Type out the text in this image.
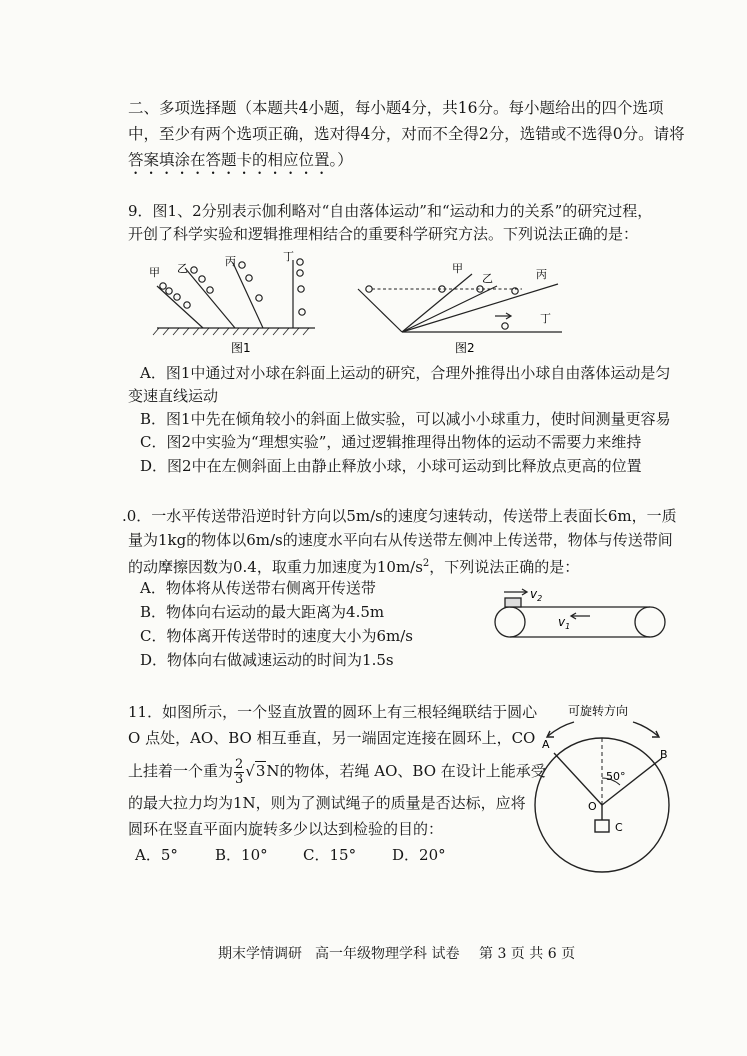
二、多项选择题（本题共4小题，每小题4分，共16分。每小题给出的四个选项
中，至少有两个选项正确，选对得4分，对而不全得2分，选错或不选得0分。请将
答案填涂在答题卡的相应位置。）
9．图1、2分别表示伽利略对“自由落体运动”和“运动和力的关系”的研究过程，
开创了科学实验和逻辑推理相结合的重要科学研究方法。下列说法正确的是：
甲 乙
丙	丁
图1
甲
乙	丙
丁
图2
A．图1中通过对小球在斜面上运动的研究，合理外推得出小球自由落体运动是匀
变速直线运动
B．图1中先在倾角较小的斜面上做实验，可以减小小球重力，使时间测量更容易
C．图2中实验为“理想实验”，通过逻辑推理得出物体的运动不需要力来维持
D．图2中在左侧斜面上由静止释放小球，小球可运动到比释放点更高的位置
.0．一水平传送带沿逆时针方向以5m/s的速度匀速转动，传送带上表面长6m，一质
量为1kg的物体以6m/s的速度水平向右从传送带左侧冲上传送带，物体与传送带间
的动摩擦因数为0.4，取重力加速度为$10m/s^2$，下列说法正确的是：
A．物体将从传送带右侧离开传送带
B．物体向右运动的最大距离为4.5m
C．物体离开传送带时的速度大小为6m/s
D．物体向右做减速运动的时间为1.5s
$v_2$
$v_1$
11．如图所示，一个竖直放置的圆环上有三根轻绳联结于圆心
O 点处，AO、BO 相互垂直，另一端固定连接在圆环上，CO
上挂着一个重为 $\frac{2}{3} √3N$的物体，若绳 AO、BO 在设计上能承受
的最大拉力均为1N，则为了测试绳子的质量是否达标，应将
圆环在竖直平面内旋转多少以达到检验的目的：
A．5° B．10° C．15° D．20°
可旋转方向
A
B
O
C
50°
期末学情调研 高一年级物理学科 试卷 第 3 页 共 6 页
